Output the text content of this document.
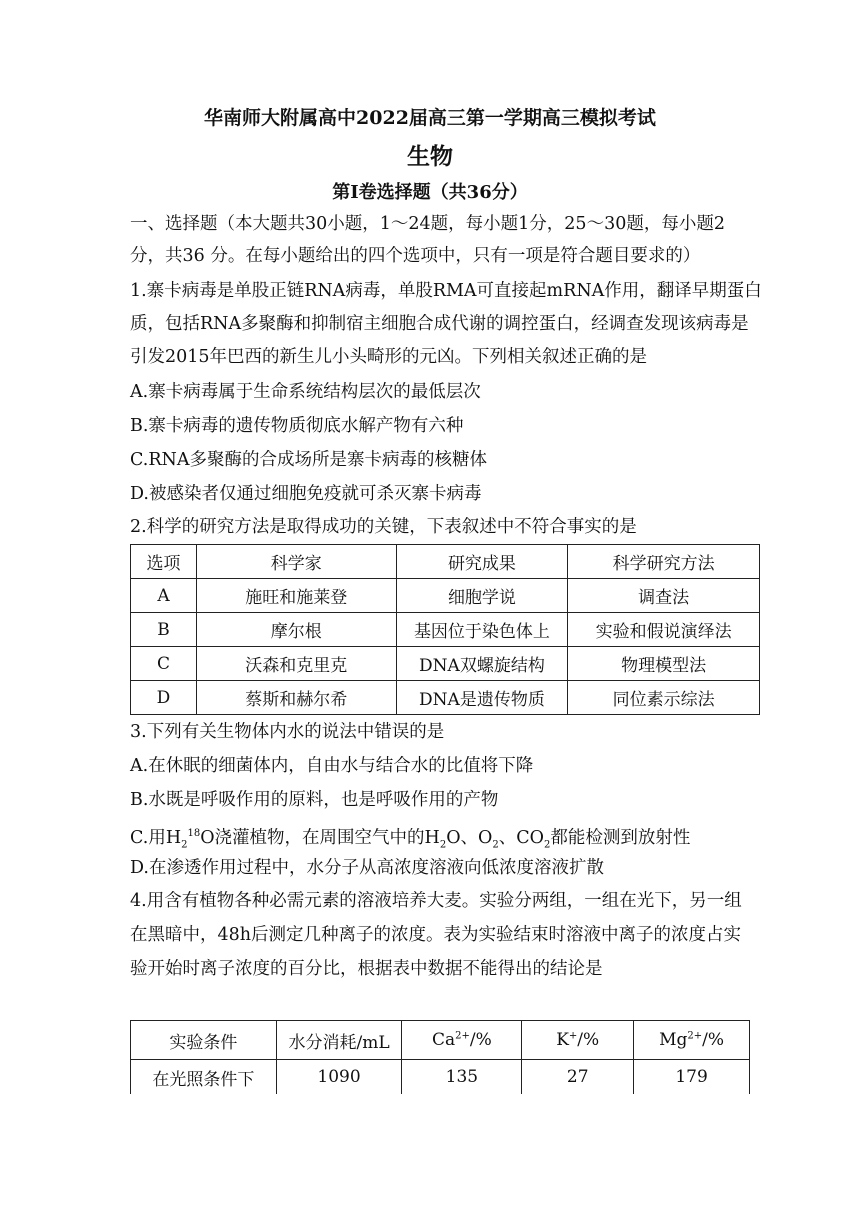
华南师大附属高中2022届高三第一学期高三模拟考试
生物
第Ⅰ卷选择题（共36分）
一、选择题（本大题共30小题，1～24题，每小题1分，25～30题，每小题2
分，共36 分。在每小题给出的四个选项中，只有一项是符合题目要求的）
1.寨卡病毒是单股正链RNA病毒，单股RMA可直接起mRNA作用，翻译早期蛋白
质，包括RNA多聚酶和抑制宿主细胞合成代谢的调控蛋白，经调查发现该病毒是
引发2015年巴西的新生儿小头畸形的元凶。下列相关叙述正确的是
A.寨卡病毒属于生命系统结构层次的最低层次
B.寨卡病毒的遗传物质彻底水解产物有六种
C.RNA多聚酶的合成场所是寨卡病毒的核糖体
D.被感染者仅通过细胞免疫就可杀灭寨卡病毒
2.科学的研究方法是取得成功的关键，下表叙述中不符合事实的是
选项	科学家	研究成果	科学研究方法
A	施旺和施莱登	细胞学说	调查法
B	摩尔根	基因位于染色体上	实验和假说演绎法
C	沃森和克里克	DNA双螺旋结构	物理模型法
D	蔡斯和赫尔希	DNA是遗传物质	同位素示综法
3.下列有关生物体内水的说法中错误的是
A.在休眠的细菌体内，自由水与结合水的比值将下降
B.水既是呼吸作用的原料，也是呼吸作用的产物
C.用$H_2^{18}O$浇灌植物，在周围空气中的$H_2O$、$O_2$、$CO_2$都能检测到放射性
D.在渗透作用过程中，水分子从高浓度溶液向低浓度溶液扩散
4.用含有植物各种必需元素的溶液培养大麦。实验分两组，一组在光下，另一组
在黑暗中，48h后测定几种离子的浓度。表为实验结束时溶液中离子的浓度占实
验开始时离子浓度的百分比，根据表中数据不能得出的结论是
实验条件	水分消耗/mL	$Ca^{2+}/\%$	K+/%	$Mg^{2+}/\%$
在光照条件下	1090	135	27	179
